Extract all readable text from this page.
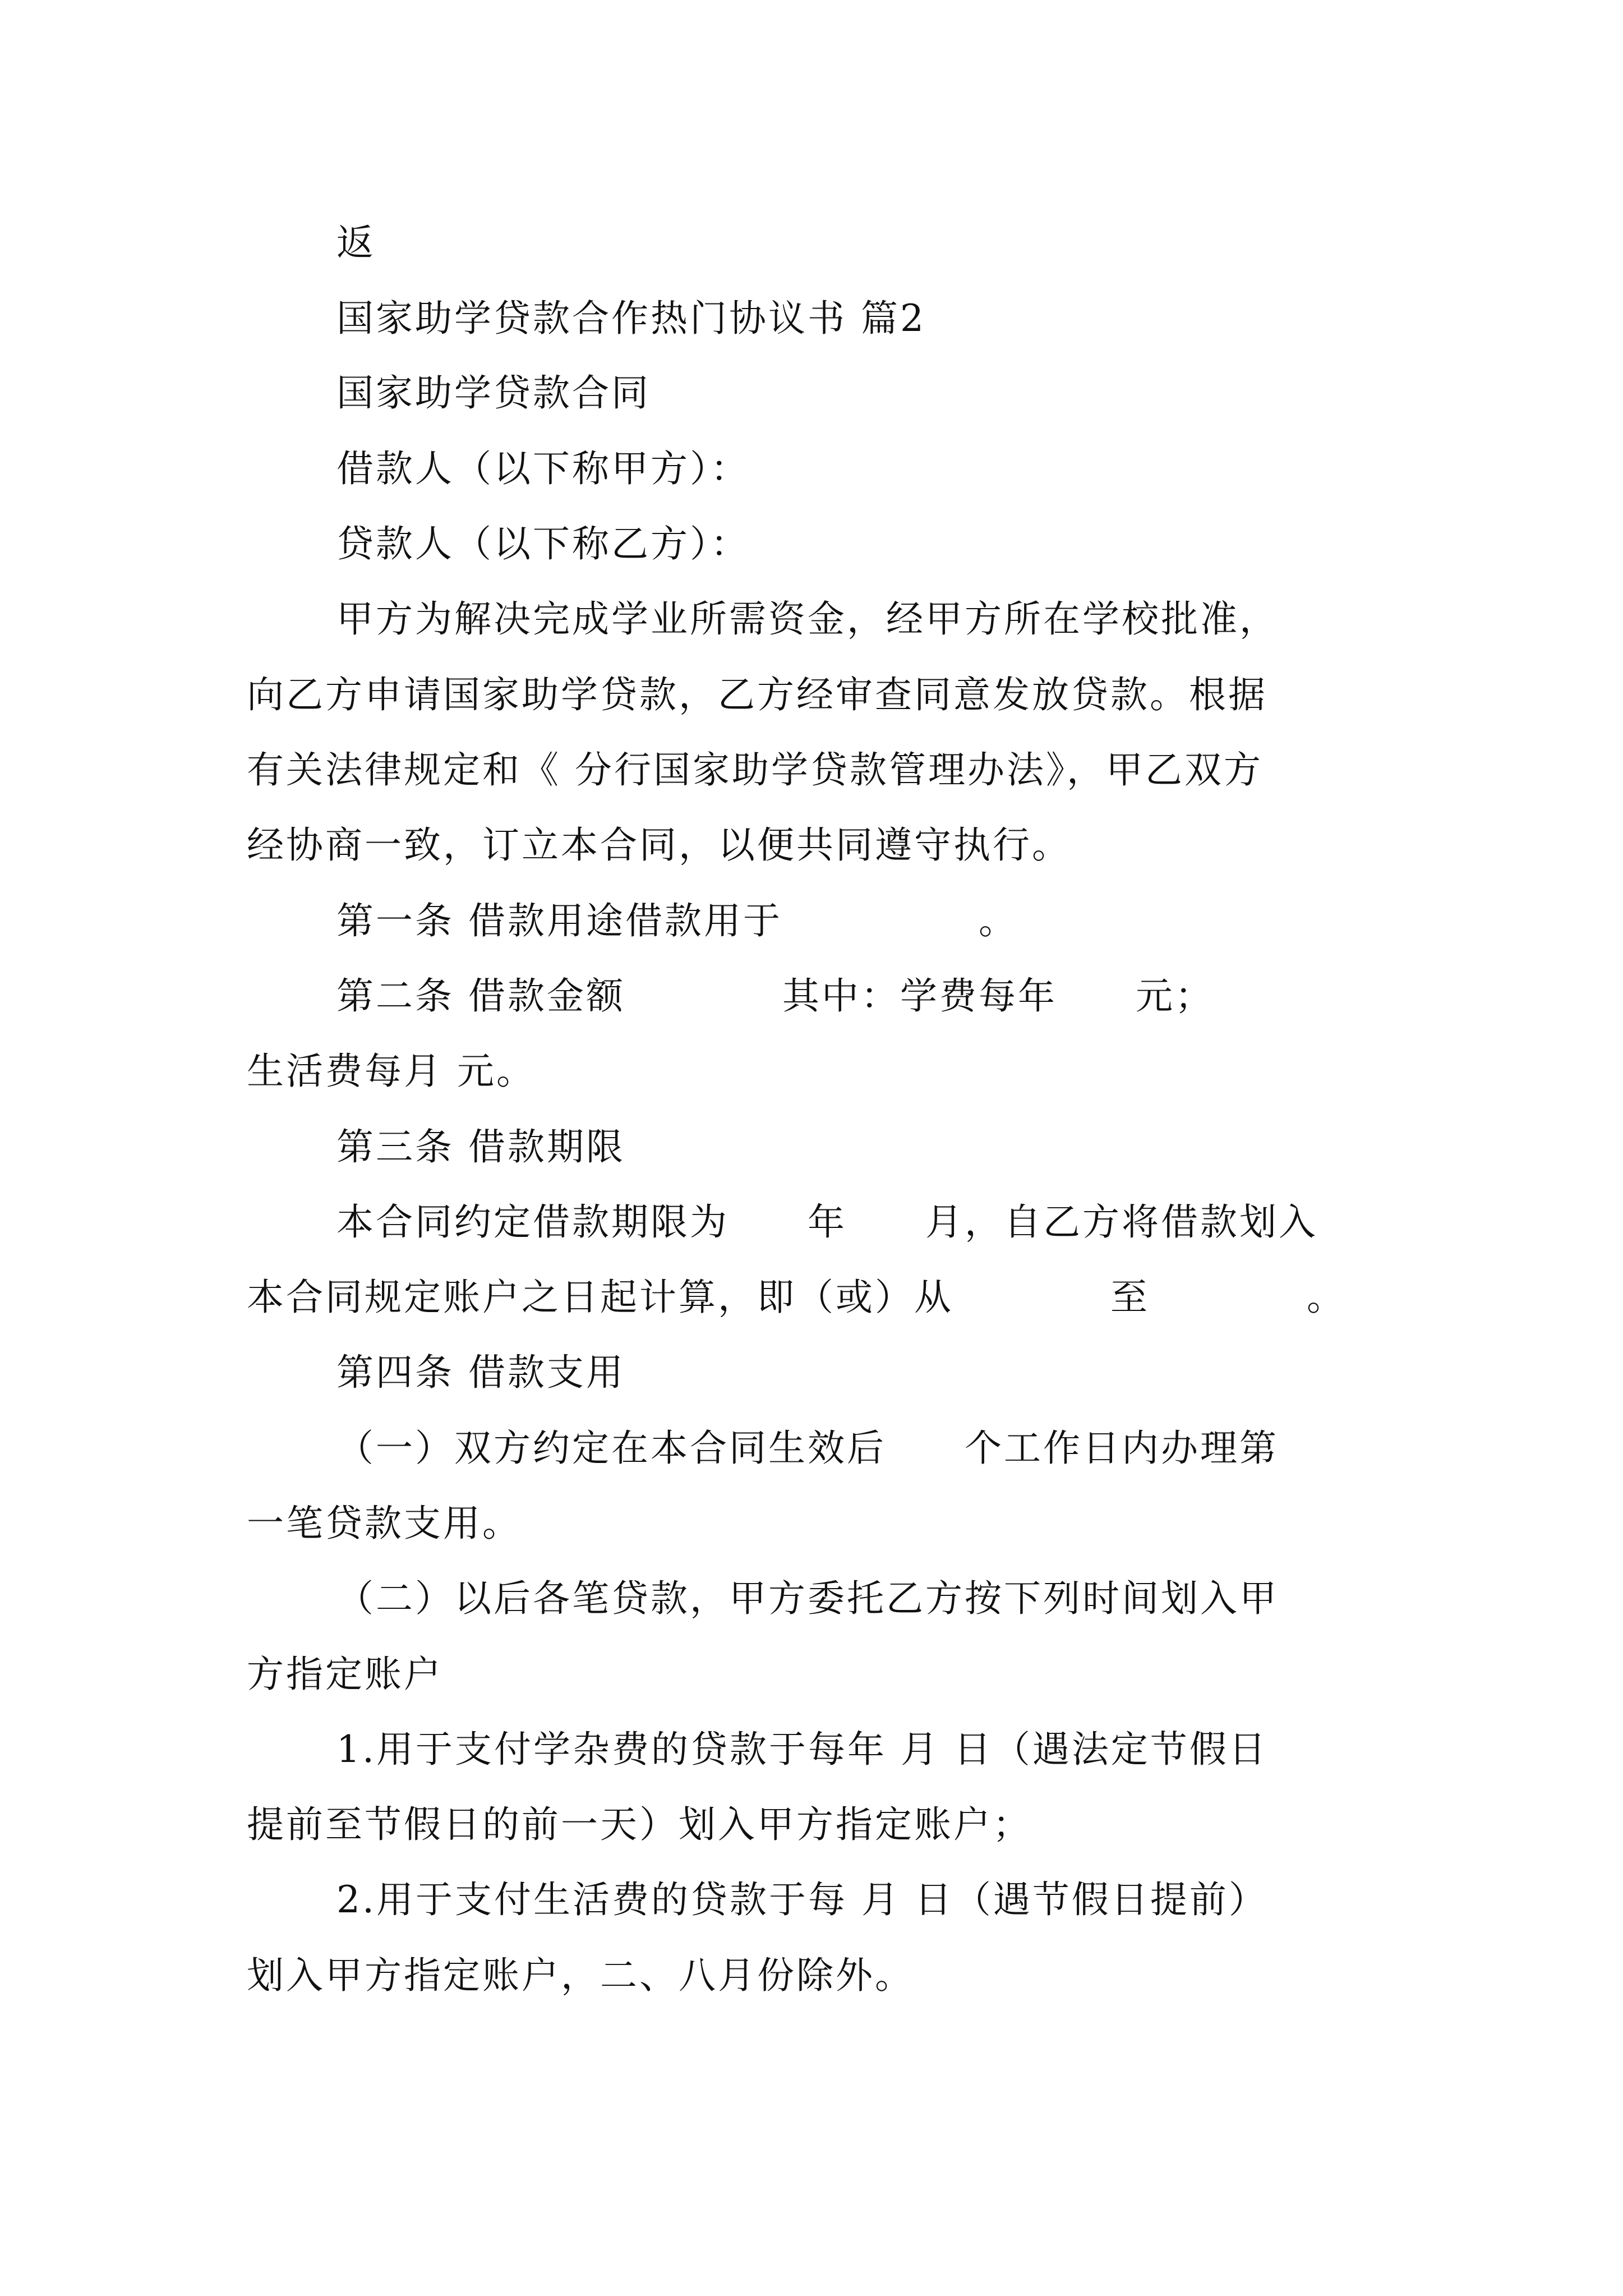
返
国家助学贷款合作热门协议书 篇2
国家助学贷款合同
借款人（以下称甲方）：
贷款人（以下称乙方）：
甲方为解决完成学业所需资金，经甲方所在学校批准，
向乙方申请国家助学贷款，乙方经审查同意发放贷款。根据
有关法律规定和《 分行国家助学贷款管理办法》，甲乙双方
经协商一致，订立本合同，以便共同遵守执行。
第一条 借款用途借款用于　　　　　。
第二条 借款金额　　　　其中：学费每年　　元；
生活费每月 元。
第三条 借款期限
本合同约定借款期限为　　年　　月，自乙方将借款划入
本合同规定账户之日起计算，即（或）从　　　　至　　　　。
第四条 借款支用
（一）双方约定在本合同生效后　　个工作日内办理第
一笔贷款支用。
（二）以后各笔贷款，甲方委托乙方按下列时间划入甲
方指定账户
1.用于支付学杂费的贷款于每年 月 日（遇法定节假日
提前至节假日的前一天）划入甲方指定账户；
2.用于支付生活费的贷款于每 月 日（遇节假日提前）
划入甲方指定账户，二、八月份除外。
